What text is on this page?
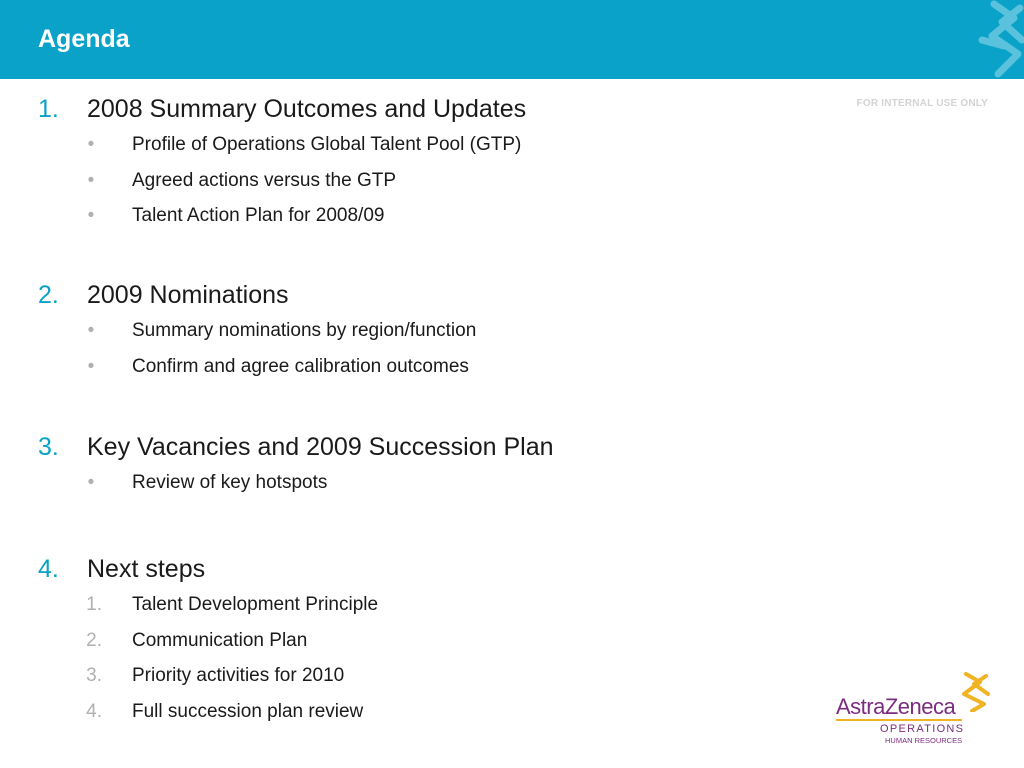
Agenda
FOR INTERNAL USE ONLY
1. 2008 Summary Outcomes and Updates
•	Profile of Operations Global Talent Pool (GTP)
•	Agreed actions versus the GTP
•	Talent Action Plan for 2008/09
2. 2009 Nominations
•	Summary nominations by region/function
•	Confirm and agree calibration outcomes
3. Key Vacancies and 2009 Succession Plan
•	Review of key hotspots
4. Next steps
1. Talent Development Principle
2. Communication Plan
3. Priority activities for 2010
4. Full succession plan review	AstraZeneca
OPERATIONS
HUMAN RESOURCES
